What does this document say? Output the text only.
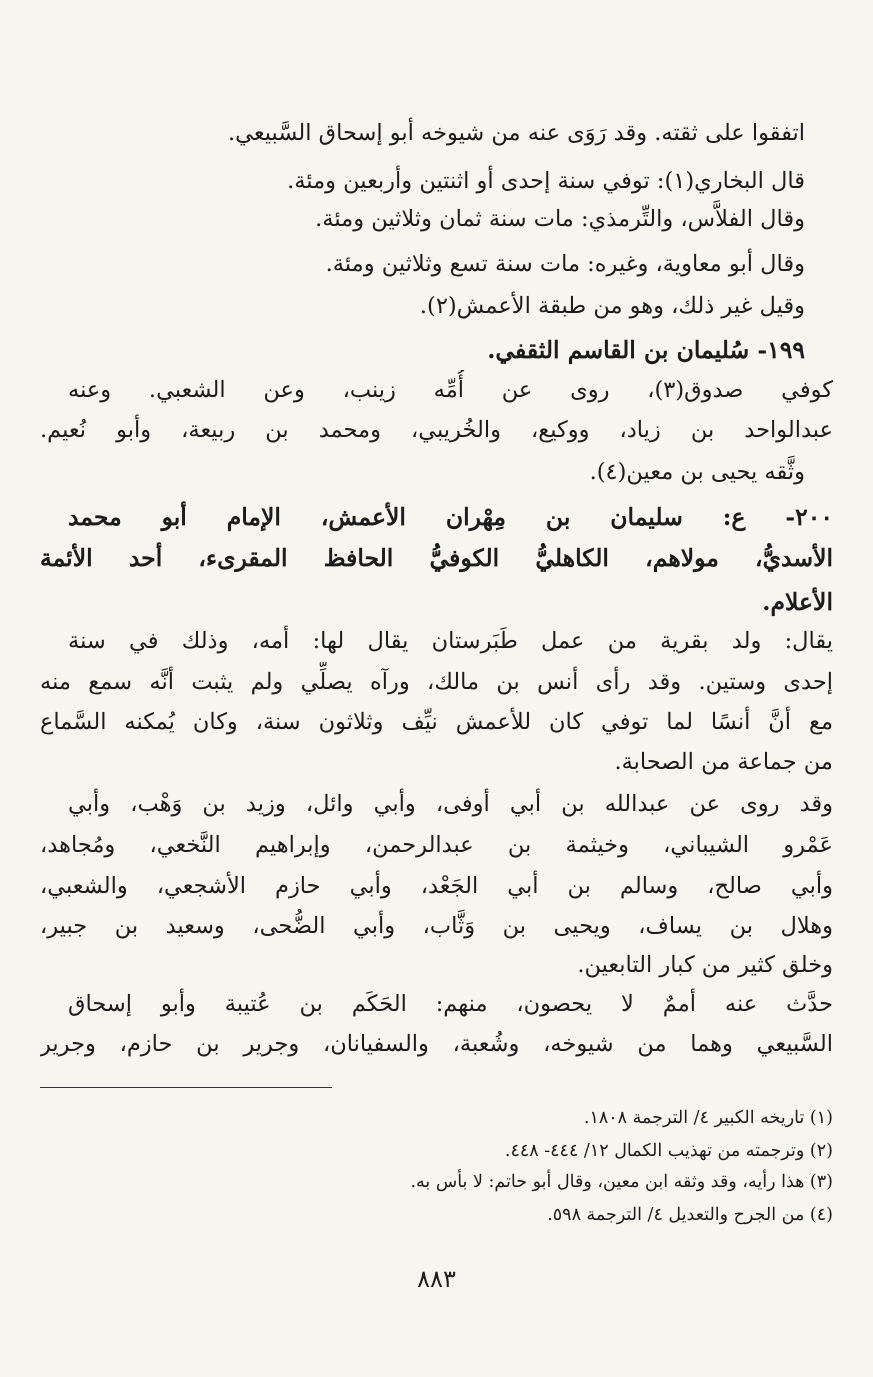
اتفقوا على ثقته. وقد رَوَى عنه من شيوخه أبو إسحاق السَّبيعي.
قال البخاري(١): توفي سنة إحدى أو اثنتين وأربعين ومئة.
وقال الفلاَّس، والتِّرمذي: مات سنة ثمان وثلاثين ومئة.
وقال أبو معاوية، وغيره: مات سنة تسع وثلاثين ومئة.
وقيل غير ذلك، وهو من طبقة الأعمش(٢).
١٩٩- سُليمان بن القاسم الثقفي.
كوفي صدوق(٣)، روى عن أُمِّه زينب، وعن الشعبي. وعنه
عبدالواحد بن زياد، ووكيع، والخُريبي، ومحمد بن ربيعة، وأبو نُعيم.
وثَّقه يحيى بن معين(٤).
٢٠٠- ع: سليمان بن مِهْران الأعمش، الإمام أبو محمد
الأسديُّ، مولاهم، الكاهليُّ الكوفيُّ الحافظ المقرىء، أحد الأئمة
الأعلام.
يقال: ولد بقرية من عمل طَبَرستان يقال لها: أمه، وذلك في سنة
إحدى وستين. وقد رأى أنس بن مالك، ورآه يصلِّي ولم يثبت أنَّه سمع منه
مع أنَّ أنسًا لما توفي كان للأعمش نيِّف وثلاثون سنة، وكان يُمكنه السَّماع
من جماعة من الصحابة.
وقد روى عن عبدالله بن أبي أوفى، وأبي وائل، وزيد بن وَهْب، وأبي
عَمْرو الشيباني، وخيثمة بن عبدالرحمن، وإبراهيم النَّخعي، ومُجاهد،
وأبي صالح، وسالم بن أبي الجَعْد، وأبي حازم الأشجعي، والشعبي،
وهلال بن يساف، ويحيى بن وَثَّاب، وأبي الضُّحى، وسعيد بن جبير،
وخلق كثير من كبار التابعين.
حدَّث عنه أممٌ لا يحصون، منهم: الحَكَم بن عُتيبة وأبو إسحاق
السَّبيعي وهما من شيوخه، وشُعبة، والسفيانان، وجرير بن حازم، وجرير
(١) تاريخه الكبير ٤/ الترجمة ١٨٠٨.
(٢) وترجمته من تهذيب الكمال ١٢/ ٤٤٤- ٤٤٨.
(٣) هذا رأيه، وقد وثقه ابن معين، وقال أبو حاتم: لا بأس به.
(٤) من الجرح والتعديل ٤/ الترجمة ٥٩٨.
٨٨٣
